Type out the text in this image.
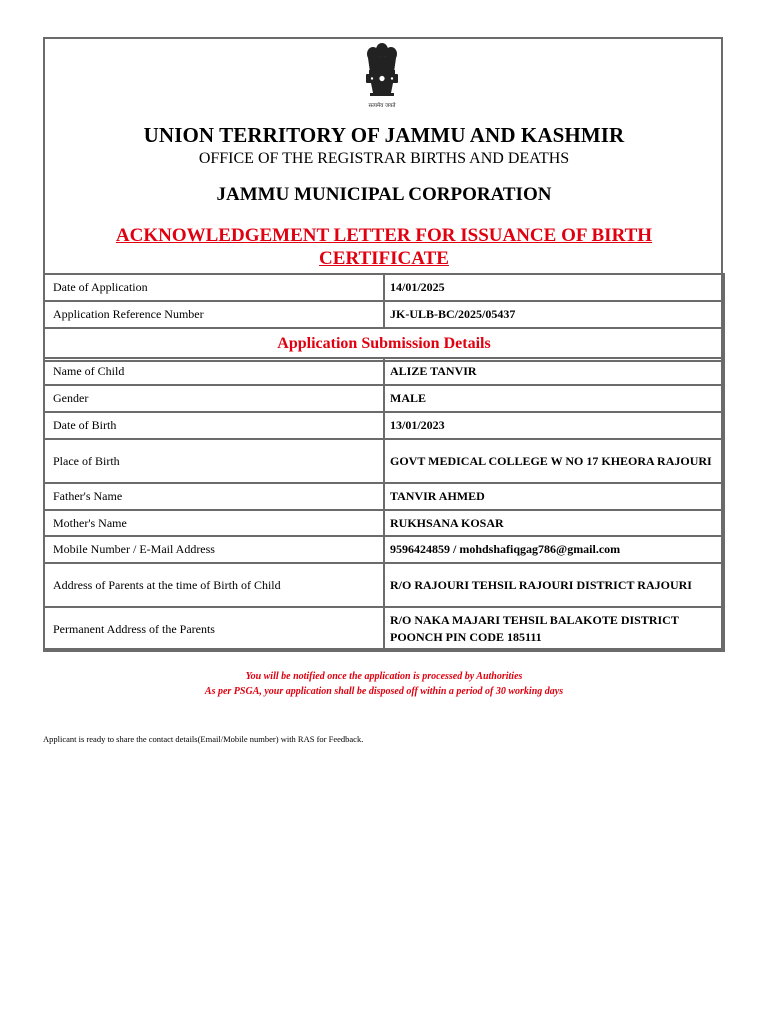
सत्यमेव जयते
UNION TERRITORY OF JAMMU AND KASHMIR
OFFICE OF THE REGISTRAR BIRTHS AND DEATHS
JAMMU MUNICIPAL CORPORATION
ACKNOWLEDGEMENT LETTER FOR ISSUANCE OF BIRTH CERTIFICATE
Date of Application	14/01/2025
Application Reference Number	JK-ULB-BC/2025/05437
Application Submission Details
Name of Child	ALIZE TANVIR
Gender	MALE
Date of Birth	13/01/2023
Place of Birth	GOVT MEDICAL COLLEGE W NO 17 KHEORA RAJOURI
Father's Name	TANVIR AHMED
Mother's Name	RUKHSANA KOSAR
Mobile Number / E-Mail Address	9596424859 / mohdshafiqgag786@gmail.com
Address of Parents at the time of Birth of Child	R/O RAJOURI TEHSIL RAJOURI DISTRICT RAJOURI
Permanent Address of the Parents	R/O NAKA MAJARI TEHSIL BALAKOTE DISTRICT POONCH PIN CODE 185111
You will be notified once the application is processed by Authorities
As per PSGA, your application shall be disposed off within a period of 30 working days
Applicant is ready to share the contact details(Email/Mobile number) with RAS for Feedback.
